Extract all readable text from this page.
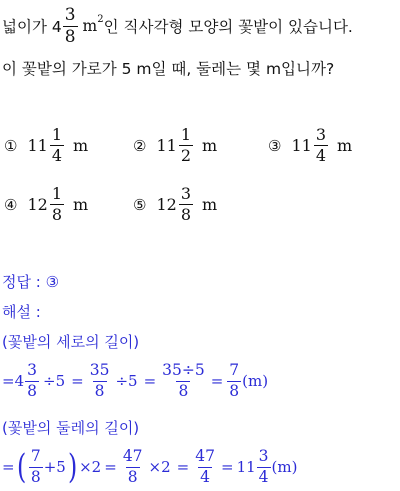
넓이가 $4 \frac{3}{8}$ m 2 인 직사각형 모양의 꽃밭이 있습니다.
이 꽃밭의 가로가 5 m일 때, 둘레는 몇 m입니까?
① $11 \frac{1}{4}$ m	② $11 \frac{1}{2}$ m	③ $11 \frac{3}{4}$ m
④ $12 \frac{1}{8}$ m	⑤ $12 \frac{3}{8}$ m
정답 : ③
해설 :
(꽃밭의 세로의 길이)
= $4 \frac{3}{8} \div 5 = \frac{35}{8} \div 5 = \frac{35\div 5}{8} = \frac{7}{8} (m)$
(꽃밭의 둘레의 길이)
= ( $\frac{7}{8} +5$ ) $\times 2 = \frac{47}{8} \times 2 = \frac{47}{4} = 11 \frac{3}{4} (m)$
